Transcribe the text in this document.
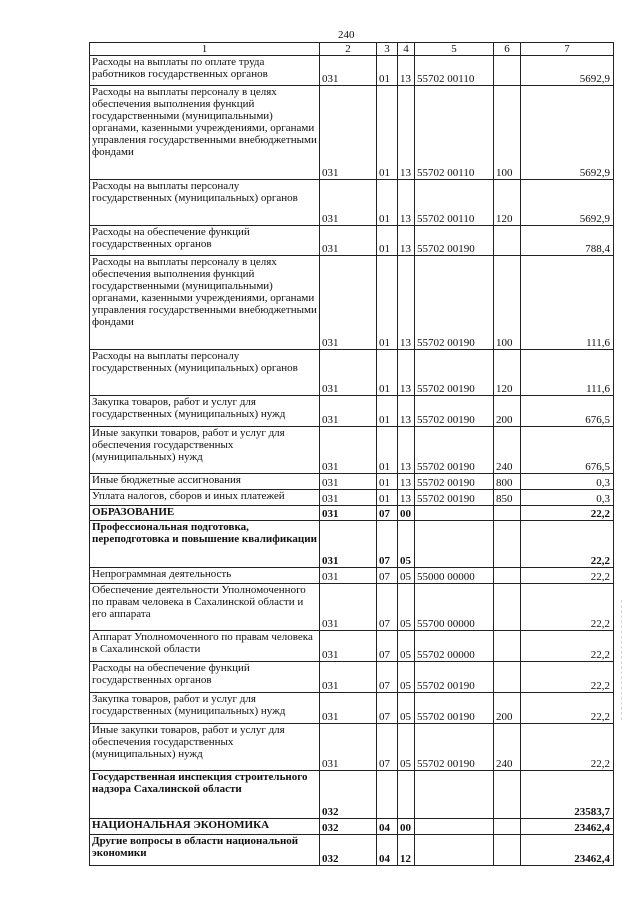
240
1	2	3	4	5	6	7
Расходы на выплаты по оплате труда работников государственных органов	031	01	13	55702 00110		5692,9
Расходы на выплаты персоналу в целях обеспечения выполнения функций государственными (муниципальными) органами, казенными учреждениями, органами управления государственными внебюджетными фондами	031	01	13	55702 00110	100	5692,9
Расходы на выплаты персоналу государственных (муниципальных) органов	031	01	13	55702 00110	120	5692,9
Расходы на обеспечение функций государственных органов	031	01	13	55702 00190		788,4
Расходы на выплаты персоналу в целях обеспечения выполнения функций государственными (муниципальными) органами, казенными учреждениями, органами управления государственными внебюджетными фондами	031	01	13	55702 00190	100	111,6
Расходы на выплаты персоналу государственных (муниципальных) органов	031	01	13	55702 00190	120	111,6
Закупка товаров, работ и услуг для государственных (муниципальных) нужд	031	01	13	55702 00190	200	676,5
Иные закупки товаров, работ и услуг для обеспечения государственных (муниципальных) нужд	031	01	13	55702 00190	240	676,5
Иные бюджетные ассигнования	031	01	13	55702 00190	800	0,3
Уплата налогов, сборов и иных платежей	031	01	13	55702 00190	850	0,3
ОБРАЗОВАНИЕ	031	07	00			22,2
Профессиональная подготовка, переподготовка и повышение квалификации	031	07	05			22,2
Непрограммная деятельность	031	07	05	55000 00000		22,2
Обеспечение деятельности Уполномоченного по правам человека в Сахалинской области и его аппарата	031	07	05	55700 00000		22,2
Аппарат Уполномоченного по правам человека в Сахалинской области	031	07	05	55702 00000		22,2
Расходы на обеспечение функций государственных органов	031	07	05	55702 00190		22,2
Закупка товаров, работ и услуг для государственных (муниципальных) нужд	031	07	05	55702 00190	200	22,2
Иные закупки товаров, работ и услуг для обеспечения государственных (муниципальных) нужд	031	07	05	55702 00190	240	22,2
Государственная инспекция строительного надзора Сахалинской области	032					23583,7
НАЦИОНАЛЬНАЯ ЭКОНОМИКА	032	04	00			23462,4
Другие вопросы в области национальной экономики	032	04	12			23462,4
